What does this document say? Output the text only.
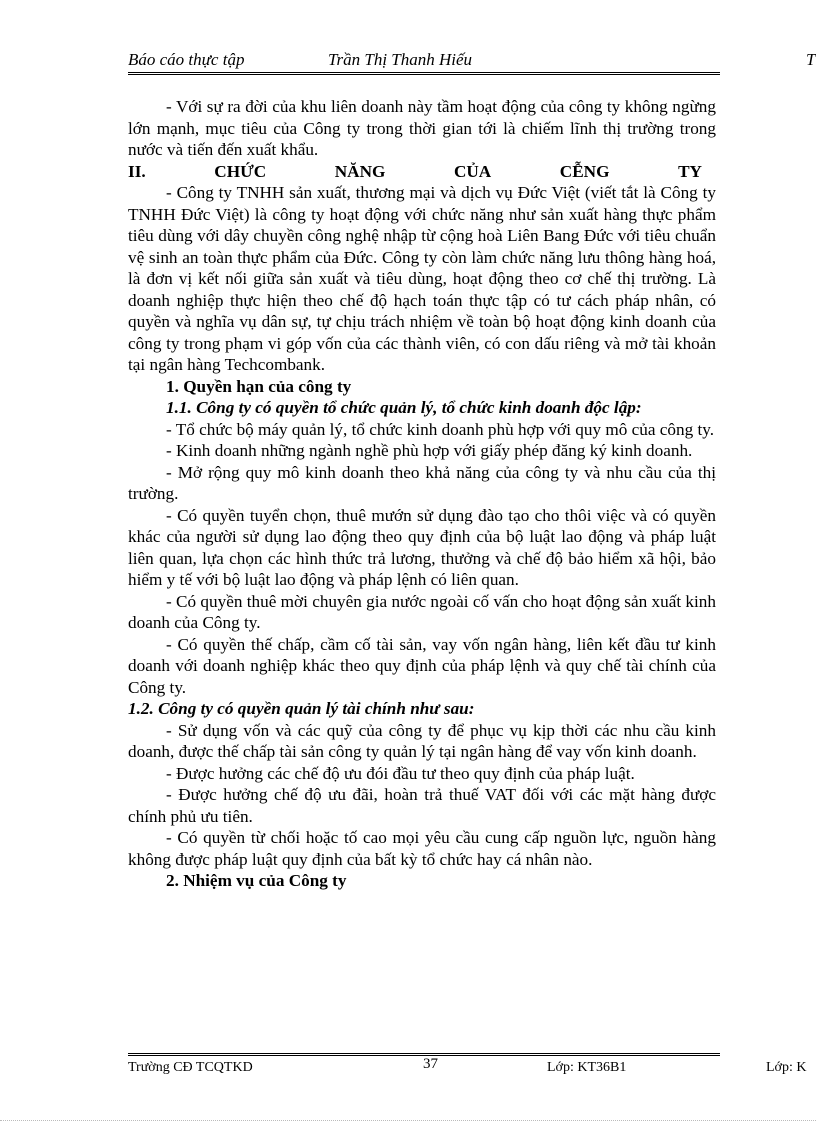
Báo cáo thực tập	Trần Thị Thanh Hiếu	T

- Với sự ra đời của khu liên doanh này tầm hoạt động của công ty không ngừng lớn mạnh, mục tiêu của Công ty trong thời gian tới là chiếm lĩnh thị trường trong nước và tiến đến xuất khẩu.

II.	CHỨC	NĂNG	CỦA	CỄNG	TY

- Công ty TNHH sản xuất, thương mại và dịch vụ Đức Việt (viết tắt là Công ty TNHH Đức Việt) là công ty hoạt động với chức năng như sản xuất hàng thực phẩm tiêu dùng với dây chuyền công nghệ nhập từ cộng hoà Liên Bang Đức với tiêu chuẩn vệ sinh an toàn thực phẩm của Đức. Công ty còn làm chức năng lưu thông hàng hoá, là đơn vị kết nối giữa sản xuất và tiêu dùng, hoạt động theo cơ chế thị trường. Là doanh nghiệp thực hiện theo chế độ hạch toán thực tập có tư cách pháp nhân, có quyền và nghĩa vụ dân sự, tự chịu trách nhiệm về toàn bộ hoạt động kinh doanh của công ty trong phạm vi góp vốn của các thành viên, có con dấu riêng và mở tài khoản tại ngân hàng Techcombank.

1. Quyền hạn của công ty

1.1. Công ty có quyền tổ chức quản lý, tổ chức kinh doanh độc lập:

- Tổ chức bộ máy quản lý, tổ chức kinh doanh phù hợp với quy mô của công ty.

- Kinh doanh những ngành nghề phù hợp với giấy phép đăng ký kinh doanh.

- Mở rộng quy mô kinh doanh theo khả năng của công ty và nhu cầu của thị trường.

- Có quyền tuyển chọn, thuê mướn sử dụng đào tạo cho thôi việc và có quyền khác của người sử dụng lao động theo quy định của bộ luật lao động và pháp luật liên quan, lựa chọn các hình thức trả lương, thưởng và chế độ bảo hiểm xã hội, bảo hiểm y tế với bộ luật lao động và pháp lệnh có liên quan.

- Có quyền thuê mời chuyên gia nước ngoài cố vấn cho hoạt động sản xuất kinh doanh của Công ty.

- Có quyền thế chấp, cầm cố tài sản, vay vốn ngân hàng, liên kết đầu tư kinh doanh với doanh nghiệp khác theo quy định của pháp lệnh và quy chế tài chính của Công ty.

1.2. Công ty có quyền quản lý tài chính như sau:

- Sử dụng vốn và các quỹ của công ty để phục vụ kịp thời các nhu cầu kinh doanh, được thế chấp tài sản công ty quản lý tại ngân hàng để vay vốn kinh doanh.

- Được hưởng các chế độ ưu đói đầu tư theo quy định của pháp luật.

- Được hưởng chế độ ưu đãi, hoàn trả thuế VAT đối với các mặt hàng được chính phủ ưu tiên.

- Có quyền từ chối hoặc tố cao mọi yêu cầu cung cấp nguồn lực, nguồn hàng không được pháp luật quy định của bất kỳ tổ chức hay cá nhân nào.

2. Nhiệm vụ của Công ty

Trường CĐ TCQTKD	37	Lớp: KT36B1	Lớp: K
